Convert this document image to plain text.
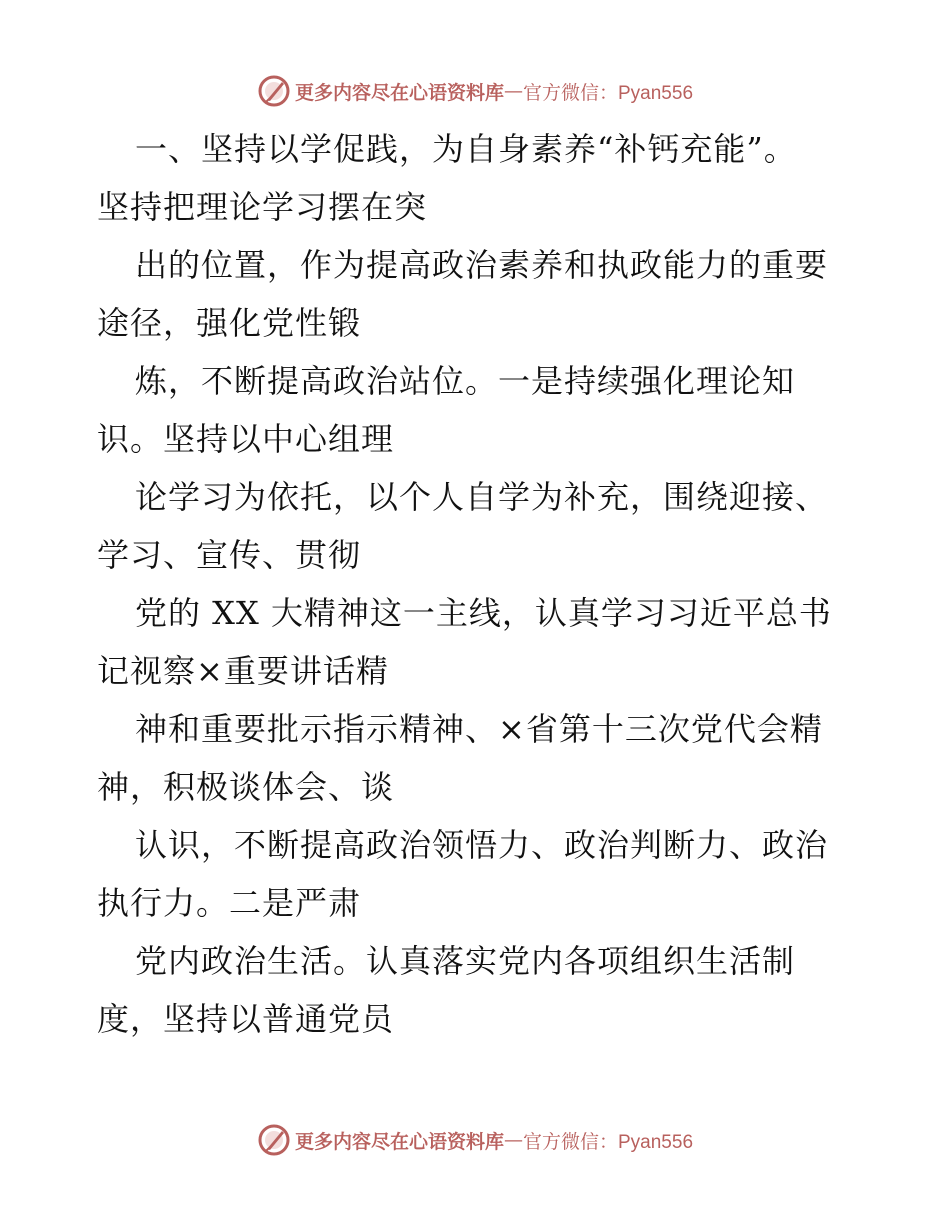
更多内容尽在心语资料库 — 官方微信：Pyan556
一、坚持以学促践，为自身素养“补钙充能”。
坚持把理论学习摆在突
出的位置，作为提高政治素养和执政能力的重要
途径，强化党性锻
炼，不断提高政治站位。一是持续强化理论知
识。坚持以中心组理
论学习为依托，以个人自学为补充，围绕迎接、
学习、宣传、贯彻
党的 XX 大精神这一主线，认真学习习近平总书
记视察×重要讲话精
神和重要批示指示精神、×省第十三次党代会精
神，积极谈体会、谈
认识，不断提高政治领悟力、政治判断力、政治
执行力。二是严肃
党内政治生活。认真落实党内各项组织生活制
度，坚持以普通党员
更多内容尽在心语资料库 — 官方微信：Pyan556
